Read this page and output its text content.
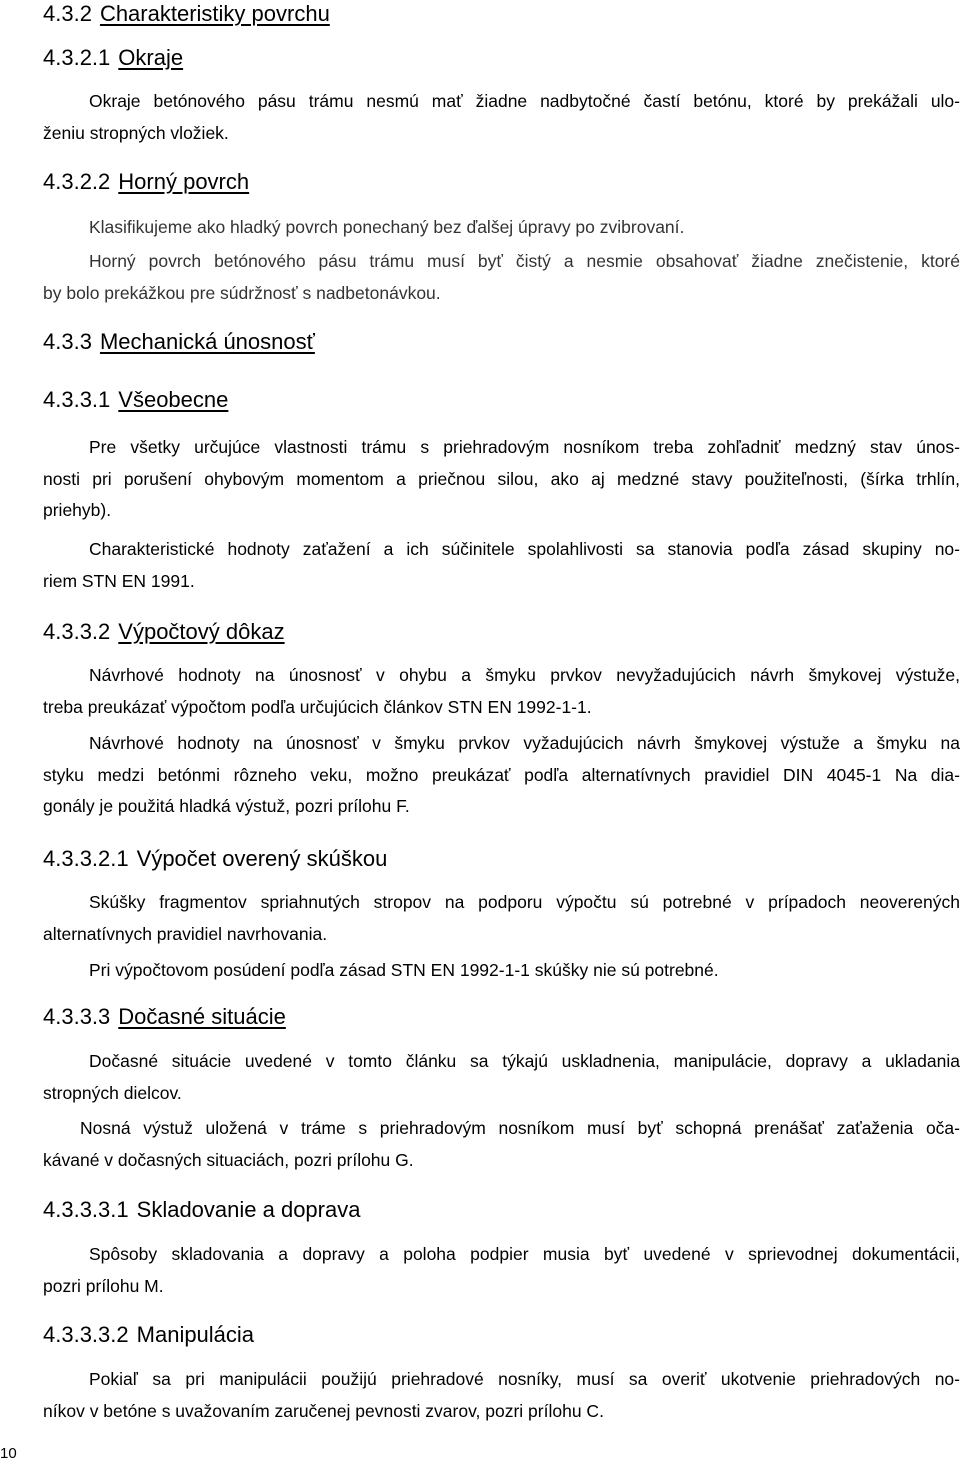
4.3.2 Charakteristiky povrchu
4.3.2.1 Okraje
Okraje betónového pásu trámu nesmú mať žiadne nadbytočné častí betónu, ktoré by prekážali ulo-
ženiu stropných vložiek.
4.3.2.2 Horný povrch
Klasifikujeme ako hladký povrch ponechaný bez ďalšej úpravy po zvibrovaní.
Horný povrch betónového pásu trámu musí byť čistý a nesmie obsahovať žiadne znečistenie, ktoré
by bolo prekážkou pre súdržnosť s nadbetonávkou.
4.3.3 Mechanická únosnosť
4.3.3.1 Všeobecne
Pre všetky určujúce vlastnosti trámu s priehradovým nosníkom treba zohľadniť medzný stav únos-
nosti pri porušení ohybovým momentom a priečnou silou, ako aj medzné stavy použiteľnosti, (šírka trhlín,
priehyb).
Charakteristické hodnoty zaťažení a ich súčinitele spolahlivosti sa stanovia podľa zásad skupiny no-
riem STN EN 1991.
4.3.3.2 Výpočtový dôkaz
Návrhové hodnoty na únosnosť v ohybu a šmyku prvkov nevyžadujúcich návrh šmykovej výstuže,
treba preukázať výpočtom podľa určujúcich článkov STN EN 1992-1-1.
Návrhové hodnoty na únosnosť v šmyku prvkov vyžadujúcich návrh šmykovej výstuže a šmyku na
styku medzi betónmi rôzneho veku, možno preukázať podľa alternatívnych pravidiel DIN 4045-1 Na dia-
gonály je použitá hladká výstuž, pozri prílohu F.
4.3.3.2.1 Výpočet overený skúškou
Skúšky fragmentov spriahnutých stropov na podporu výpočtu sú potrebné v prípadoch neoverených
alternatívnych pravidiel navrhovania.
Pri výpočtovom posúdení podľa zásad STN EN 1992-1-1 skúšky nie sú potrebné.
4.3.3.3 Dočasné situácie
Dočasné situácie uvedené v tomto článku sa týkajú uskladnenia, manipulácie, dopravy a ukladania
stropných dielcov.
Nosná výstuž uložená v tráme s priehradovým nosníkom musí byť schopná prenášať zaťaženia oča-
kávané v dočasných situaciách, pozri prílohu G.
4.3.3.3.1 Skladovanie a doprava
Spôsoby skladovania a dopravy a poloha podpier musia byť uvedené v sprievodnej dokumentácii,
pozri prílohu M.
4.3.3.3.2 Manipulácia
Pokiaľ sa pri manipulácii použijú priehradové nosníky, musí sa overiť ukotvenie priehradových no-
níkov v betóne s uvažovaním zaručenej pevnosti zvarov, pozri prílohu C.
10
